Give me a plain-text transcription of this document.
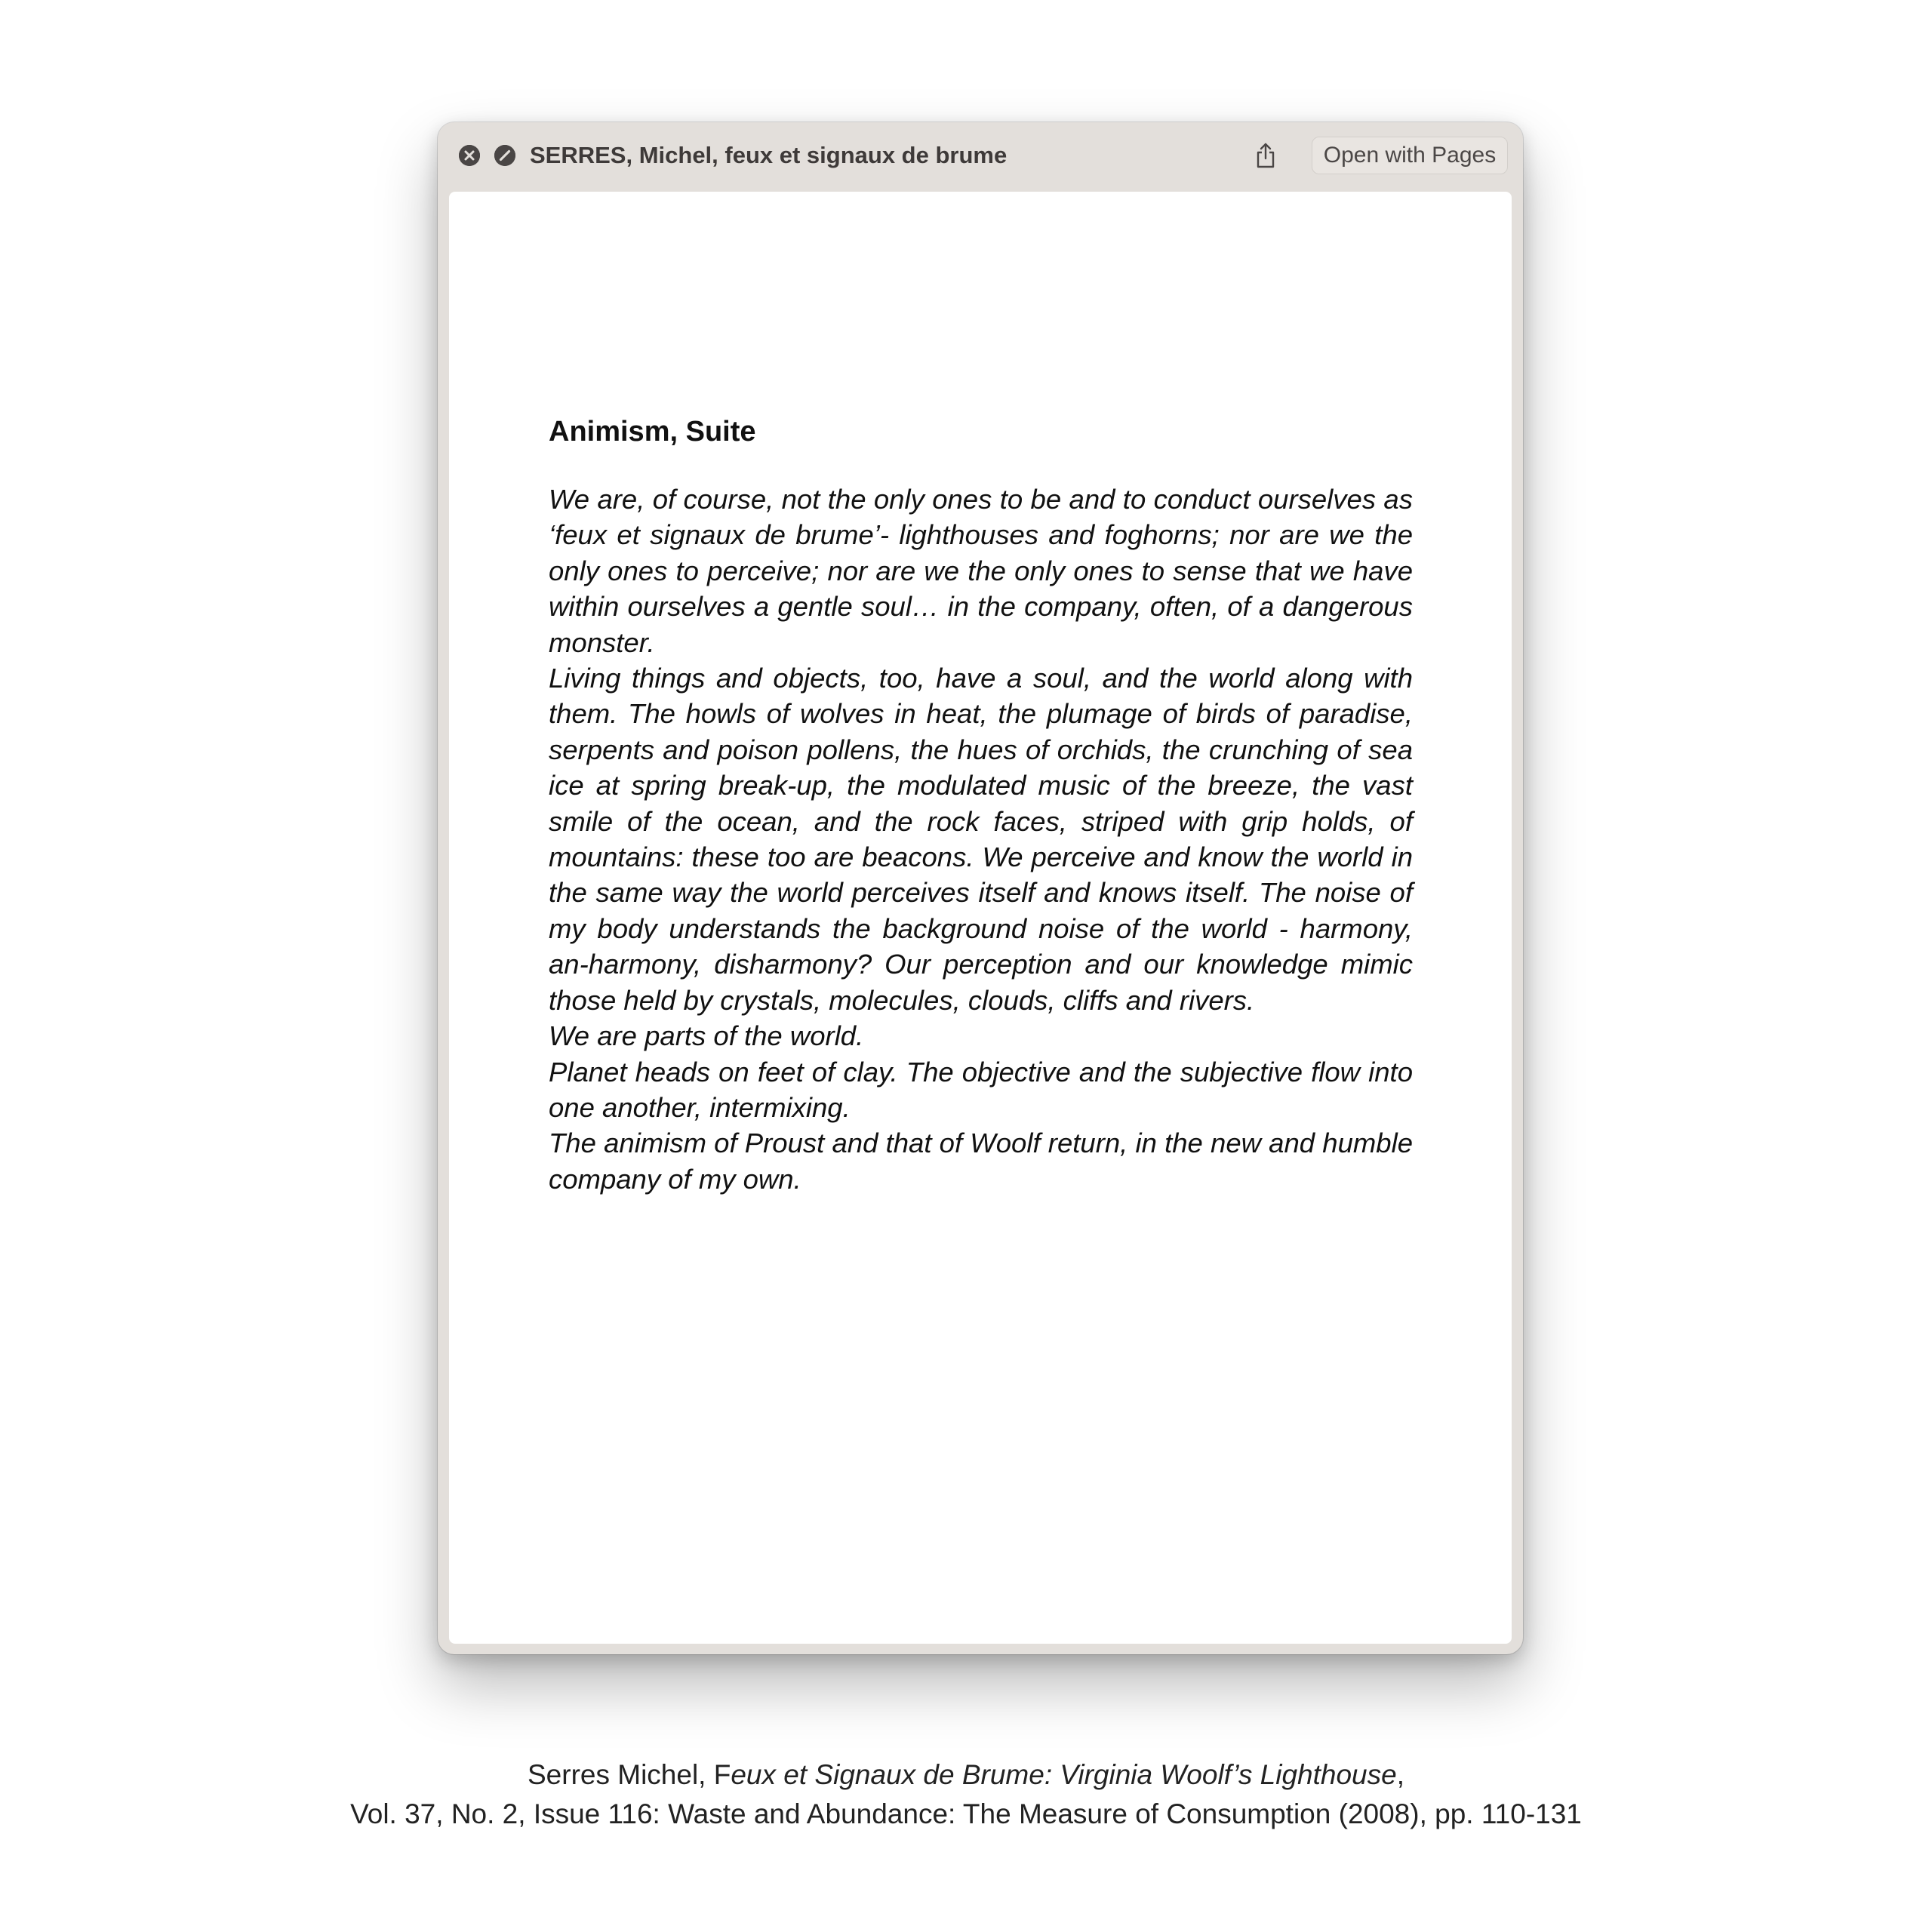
SERRES, Michel, feux et signaux de brume	Open with Pages
Animism, Suite

We are, of course, not the only ones to be and to conduct ourselves as ‘feux et signaux de brume’- lighthouses and foghorns; nor are we the only ones to perceive; nor are we the only ones to sense that we have within ourselves a gentle soul… in the company, often, of a dangerous monster.

Living things and objects, too, have a soul, and the world along with them. The howls of wolves in heat, the plumage of birds of paradise, serpents and poison pollens, the hues of orchids, the crunching of sea ice at spring break-up, the modulated music of the breeze, the vast smile of the ocean, and the rock faces, striped with grip holds, of mountains: these too are beacons. We perceive and know the world in the same way the world perceives itself and knows itself. The noise of my body understands the background noise of the world - harmony, an-harmony, disharmony? Our perception and our knowledge mimic those held by crystals, molecules, clouds, cliffs and rivers.

We are parts of the world.

Planet heads on feet of clay. The objective and the subjective flow into one another, intermixing.

The animism of Proust and that of Woolf return, in the new and humble company of my own.

Serres Michel, Feux et Signaux de Brume: Virginia Woolf’s Lighthouse,
Vol. 37, No. 2, Issue 116: Waste and Abundance: The Measure of Consumption (2008), pp. 110-131
